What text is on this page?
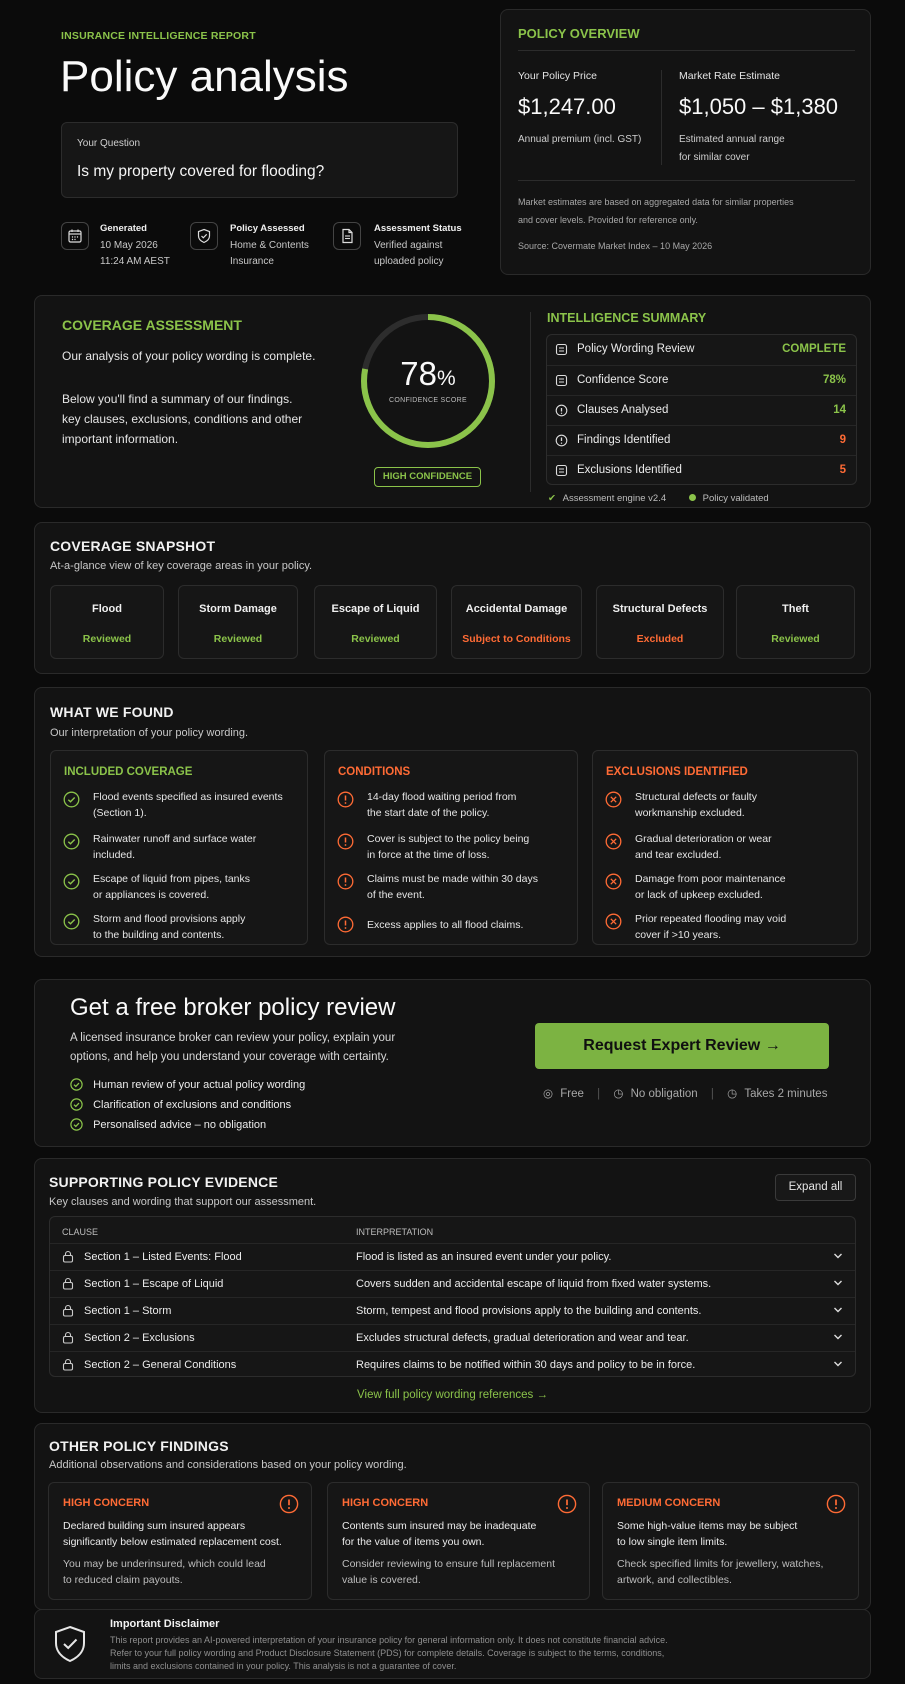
INSURANCE INTELLIGENCE REPORT
Policy analysis
Your Question
Is my property covered for flooding?
Generated
10 May 2026
11:24 AM AEST
Policy Assessed
Home & Contents
Insurance
Assessment Status
Verified against
uploaded policy
POLICY OVERVIEW
Your Policy Price
$1,247.00
Annual premium (incl. GST)
Market Rate Estimate
$1,050 – $1,380
Estimated annual range
for similar cover
Market estimates are based on aggregated data for similar properties
and cover levels. Provided for reference only.
Source: Covermate Market Index – 10 May 2026
COVERAGE ASSESSMENT
Our analysis of your policy wording is complete.
Below you'll find a summary of our findings.
key clauses, exclusions, conditions and other
important information.
78%
CONFIDENCE SCORE
HIGH CONFIDENCE
INTELLIGENCE SUMMARY
Policy Wording Review	COMPLETE
Confidence Score	78%
Clauses Analysed	14
Findings Identified	9
Exclusions Identified	5
✔ Assessment engine v2.4	Policy validated
COVERAGE SNAPSHOT
At-a-glance view of key coverage areas in your policy.
Flood
Reviewed
Storm Damage
Reviewed
Escape of Liquid
Reviewed
Accidental Damage
Subject to Conditions
Structural Defects
Excluded
Theft
Reviewed
WHAT WE FOUND
Our interpretation of your policy wording.
INCLUDED COVERAGE
Flood events specified as insured events
(Section 1).
Rainwater runoff and surface water
included.
Escape of liquid from pipes, tanks
or appliances is covered.
Storm and flood provisions apply
to the building and contents.
CONDITIONS
14-day flood waiting period from
the start date of the policy.
Cover is subject to the policy being
in force at the time of loss.
Claims must be made within 30 days
of the event.
Excess applies to all flood claims.
EXCLUSIONS IDENTIFIED
Structural defects or faulty
workmanship excluded.
Gradual deterioration or wear
and tear excluded.
Damage from poor maintenance
or lack of upkeep excluded.
Prior repeated flooding may void
cover if >10 years.
Get a free broker policy review
A licensed insurance broker can review your policy, explain your
options, and help you understand your coverage with certainty.
Human review of your actual policy wording
Clarification of exclusions and conditions
Personalised advice – no obligation
Request Expert Review →
◎ Free | ◷ No obligation | ◷ Takes 2 minutes
SUPPORTING POLICY EVIDENCE
Key clauses and wording that support our assessment.
Expand all
CLAUSE	INTERPRETATION
Section 1 – Listed Events: Flood	Flood is listed as an insured event under your policy.
Section 1 – Escape of Liquid	Covers sudden and accidental escape of liquid from fixed water systems.
Section 1 – Storm	Storm, tempest and flood provisions apply to the building and contents.
Section 2 – Exclusions	Excludes structural defects, gradual deterioration and wear and tear.
Section 2 – General Conditions	Requires claims to be notified within 30 days and policy to be in force.
View full policy wording references →
OTHER POLICY FINDINGS
Additional observations and considerations based on your policy wording.
HIGH CONCERN
Declared building sum insured appears
significantly below estimated replacement cost.
You may be underinsured, which could lead
to reduced claim payouts.
HIGH CONCERN
Contents sum insured may be inadequate
for the value of items you own.
Consider reviewing to ensure full replacement
value is covered.
MEDIUM CONCERN
Some high-value items may be subject
to low single item limits.
Check specified limits for jewellery, watches,
artwork, and collectibles.
Important Disclaimer
This report provides an AI-powered interpretation of your insurance policy for general information only. It does not constitute financial advice.
Refer to your full policy wording and Product Disclosure Statement (PDS) for complete details. Coverage is subject to the terms, conditions,
limits and exclusions contained in your policy. This analysis is not a guarantee of cover.
